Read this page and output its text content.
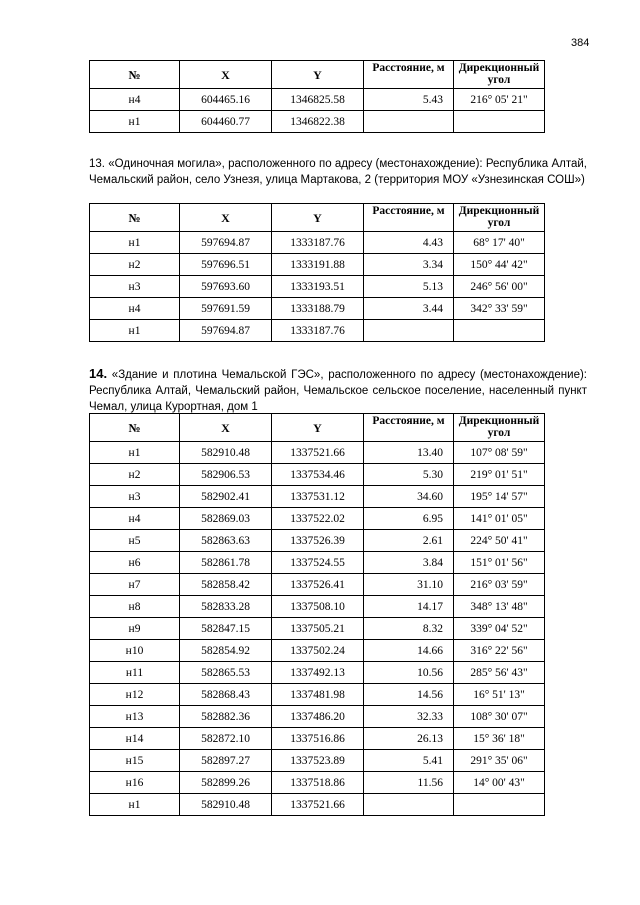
384
№	X	Y	Расстояние, м	Дирекционный угол
н4	604465.16	1346825.58	5.43	216° 05' 21"
н1	604460.77	1346822.38		

13. «Одиночная могила», расположенного по адресу (местонахождение): Республика Алтай, Чемальский район, село Узнезя, улица Мартакова, 2 (территория МОУ «Узнезинская СОШ»)

№	X	Y	Расстояние, м	Дирекционный угол
н1	597694.87	1333187.76	4.43	68° 17' 40"
н2	597696.51	1333191.88	3.34	150° 44' 42"
н3	597693.60	1333193.51	5.13	246° 56' 00"
н4	597691.59	1333188.79	3.44	342° 33' 59"
н1	597694.87	1333187.76		

14. «Здание и плотина Чемальской ГЭС», расположенного по адресу (местонахождение): Республика Алтай, Чемальский район, Чемальское сельское поселение, населенный пункт Чемал, улица Курортная, дом 1

№	X	Y	Расстояние, м	Дирекционный угол
н1	582910.48	1337521.66	13.40	107° 08' 59"
н2	582906.53	1337534.46	5.30	219° 01' 51"
н3	582902.41	1337531.12	34.60	195° 14' 57"
н4	582869.03	1337522.02	6.95	141° 01' 05"
н5	582863.63	1337526.39	2.61	224° 50' 41"
н6	582861.78	1337524.55	3.84	151° 01' 56"
н7	582858.42	1337526.41	31.10	216° 03' 59"
н8	582833.28	1337508.10	14.17	348° 13' 48"
н9	582847.15	1337505.21	8.32	339° 04' 52"
н10	582854.92	1337502.24	14.66	316° 22' 56"
н11	582865.53	1337492.13	10.56	285° 56' 43"
н12	582868.43	1337481.98	14.56	16° 51' 13"
н13	582882.36	1337486.20	32.33	108° 30' 07"
н14	582872.10	1337516.86	26.13	15° 36' 18"
н15	582897.27	1337523.89	5.41	291° 35' 06"
н16	582899.26	1337518.86	11.56	14° 00' 43"
н1	582910.48	1337521.66		
